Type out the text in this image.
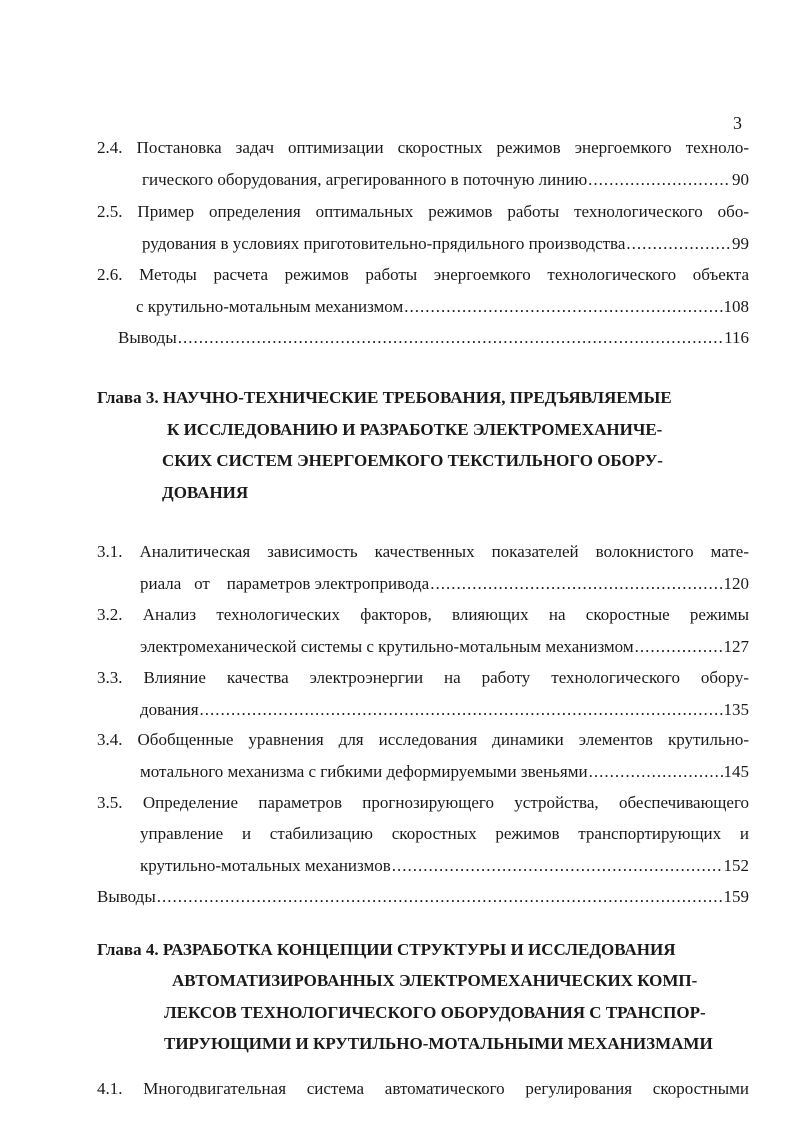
3
2.4. Постановка задач оптимизации скоростных режимов энергоемкого техноло-
гического оборудования, агрегированного в поточную линию .....	90
2.5. Пример определения оптимальных режимов работы технологического обо-
рудования в условиях приготовительно-прядильного производства .....	99
2.6. Методы расчета режимов работы энергоемкого технологического объекта
с крутильно-мотальным механизмом .....	108
Выводы .....	116
Глава 3. НАУЧНО-ТЕХНИЧЕСКИЕ ТРЕБОВАНИЯ, ПРЕДЪЯВЛЯЕМЫЕ
К ИССЛЕДОВАНИЮ И РАЗРАБОТКЕ ЭЛЕКТРОМЕХАНИЧЕ-
СКИХ СИСТЕМ ЭНЕРГОЕМКОГО ТЕКСТИЛЬНОГО ОБОРУ-
ДОВАНИЯ
3.1. Аналитическая зависимость качественных показателей волокнистого мате-
риала   от    параметров электропривода .....	120
3.2. Анализ технологических факторов, влияющих на скоростные режимы
электромеханической системы с крутильно-мотальным механизмом .....	127
3.3. Влияние качества электроэнергии на работу технологического обору-
дования .....	135
3.4. Обобщенные уравнения для исследования динамики элементов крутильно-
мотального механизма с гибкими деформируемыми звеньями .....	145
3.5. Определение параметров прогнозирующего устройства, обеспечивающего
управление и стабилизацию скоростных режимов транспортирующих и
крутильно-мотальных механизмов .....	152
Выводы .....	159
Глава 4. РАЗРАБОТКА КОНЦЕПЦИИ СТРУКТУРЫ И ИССЛЕДОВАНИЯ
АВТОМАТИЗИРОВАННЫХ ЭЛЕКТРОМЕХАНИЧЕСКИХ КОМП-
ЛЕКСОВ ТЕХНОЛОГИЧЕСКОГО ОБОРУДОВАНИЯ С ТРАНСПОР-
ТИРУЮЩИМИ И КРУТИЛЬНО-МОТАЛЬНЫМИ МЕХАНИЗМАМИ
4.1. Многодвигательная система автоматического регулирования скоростными
